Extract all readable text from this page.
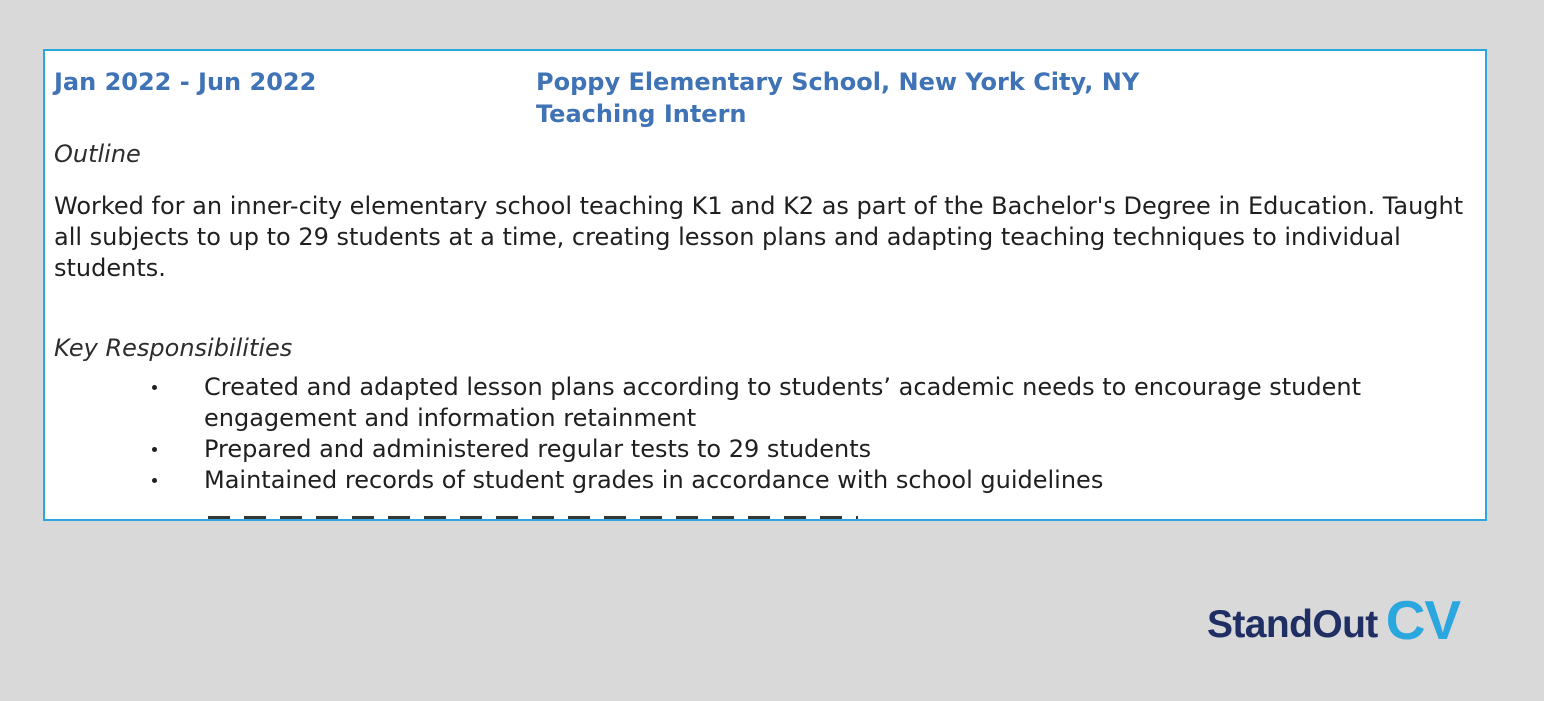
Jan 2022 - Jun 2022	Poppy Elementary School, New York City, NY
Teaching Intern
Outline

Worked for an inner-city elementary school teaching K1 and K2 as part of the Bachelor's Degree in Education. Taught all subjects to up to 29 students at a time, creating lesson plans and adapting teaching techniques to individual students.

Key Responsibilities
Created and adapted lesson plans according to students’ academic needs to encourage student engagement and information retainment
Prepared and administered regular tests to 29 students
Maintained records of student grades in accordance with school guidelines
StandOut CV
